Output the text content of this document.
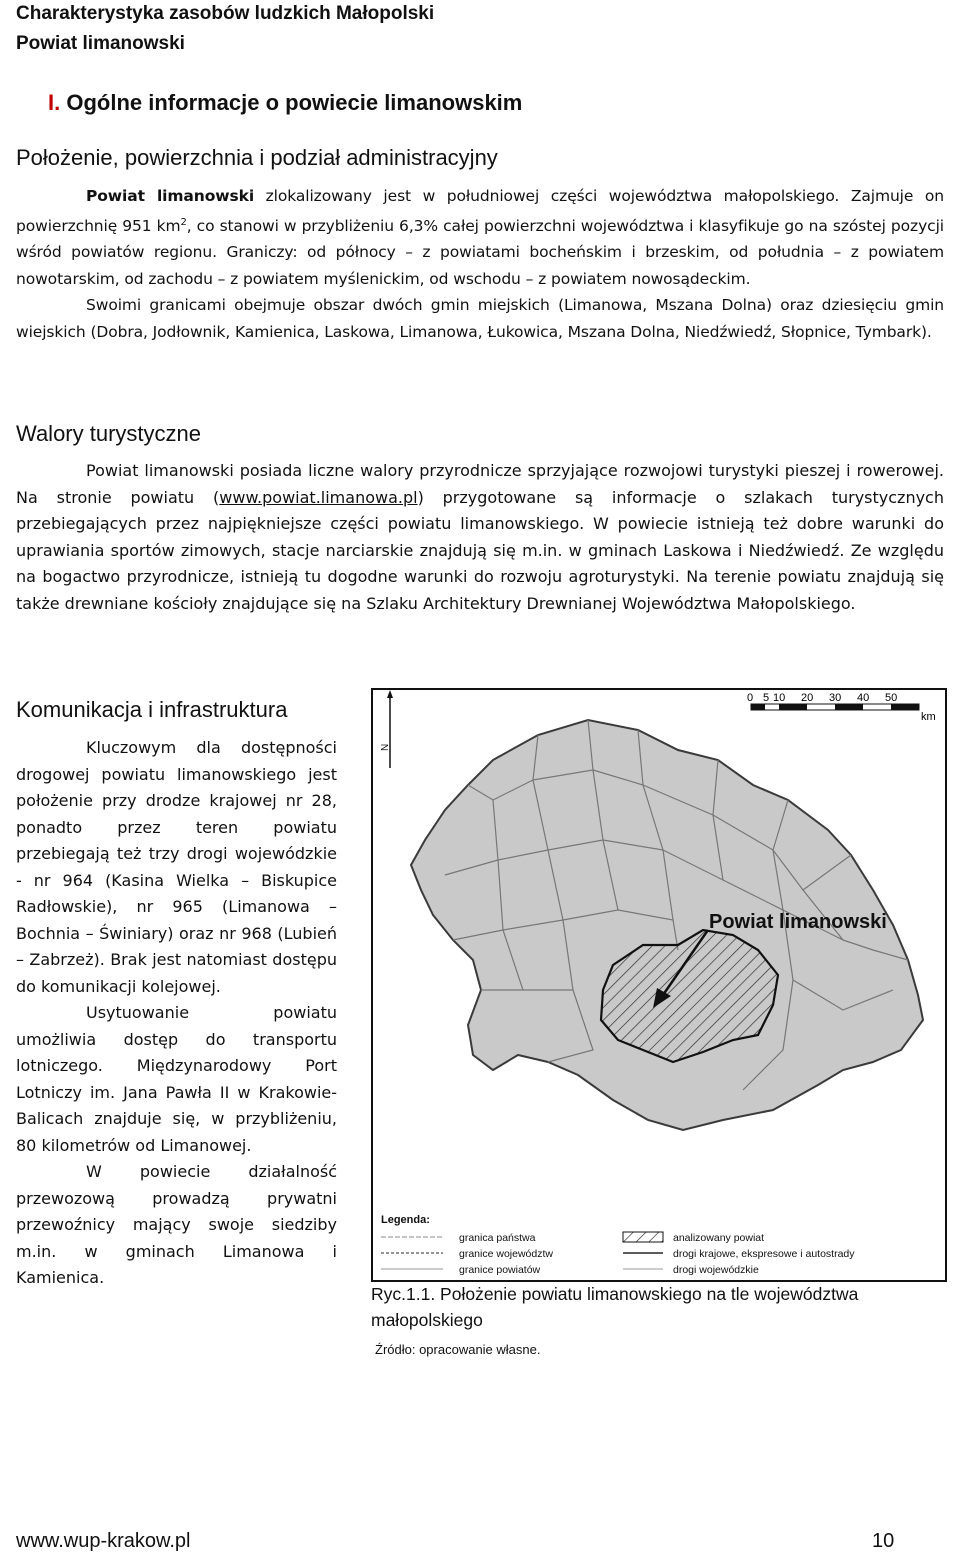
Charakterystyka zasobów ludzkich Małopolski
Powiat limanowski
I. Ogólne informacje o powiecie limanowskim
Położenie, powierzchnia i podział administracyjny

Powiat limanowski zlokalizowany jest w południowej części województwa małopolskiego. Zajmuje on powierzchnię 951 $km^2$, co stanowi w przybliżeniu 6,3% całej powierzchni województwa i klasyfikuje go na szóstej pozycji wśród powiatów regionu. Graniczy: od północy – z powiatami bocheńskim i brzeskim, od południa – z powiatem nowotarskim, od zachodu – z powiatem myślenickim, od wschodu – z powiatem nowosądeckim.

Swoimi granicami obejmuje obszar dwóch gmin miejskich (Limanowa, Mszana Dolna) oraz dziesięciu gmin wiejskich (Dobra, Jodłownik, Kamienica, Laskowa, Limanowa, Łukowica, Mszana Dolna, Niedźwiedź, Słopnice, Tymbark).

Walory turystyczne

Powiat limanowski posiada liczne walory przyrodnicze sprzyjające rozwojowi turystyki pieszej i rowerowej. Na stronie powiatu (www.powiat.limanowa.pl) przygotowane są informacje o szlakach turystycznych przebiegających przez najpiękniejsze części powiatu limanowskiego. W powiecie istnieją też dobre warunki do uprawiania sportów zimowych, stacje narciarskie znajdują się m.in. w gminach Laskowa i Niedźwiedź. Ze względu na bogactwo przyrodnicze, istnieją tu dogodne warunki do rozwoju agroturystyki. Na terenie powiatu znajdują się także drewniane kościoły znajdujące się na Szlaku Architektury Drewnianej Województwa Małopolskiego.

Komunikacja i infrastruktura

Kluczowym dla dostępności drogowej powiatu limanowskiego jest położenie przy drodze krajowej nr 28, ponadto przez teren powiatu przebiegają też trzy drogi wojewódzkie - nr 964 (Kasina Wielka – Biskupice Radłowskie), nr 965 (Limanowa – Bochnia – Świniary) oraz nr 968 (Lubień – Zabrzeż). Brak jest natomiast dostępu do komunikacji kolejowej.

Usytuowanie powiatu umożliwia dostęp do transportu lotniczego. Międzynarodowy Port Lotniczy im. Jana Pawła II w Krakowie-Balicach znajduje się, w przybliżeniu, 80 kilometrów od Limanowej.

W powiecie działalność przewozową prowadzą prywatni przewoźnicy mający swoje siedziby m.in. w gminach Limanowa i Kamienica.

N
0 5 10 20 30 40 50
km
Powiat limanowski
Legenda:
granica państwa
granice województw
granice powiatów
analizowany powiat
drogi krajowe, ekspresowe i autostrady
drogi wojewódzkie
Ryc.1.1. Położenie powiatu limanowskiego na tle województwa małopolskiego
Źródło: opracowanie własne.
www.wup-krakow.pl	10
